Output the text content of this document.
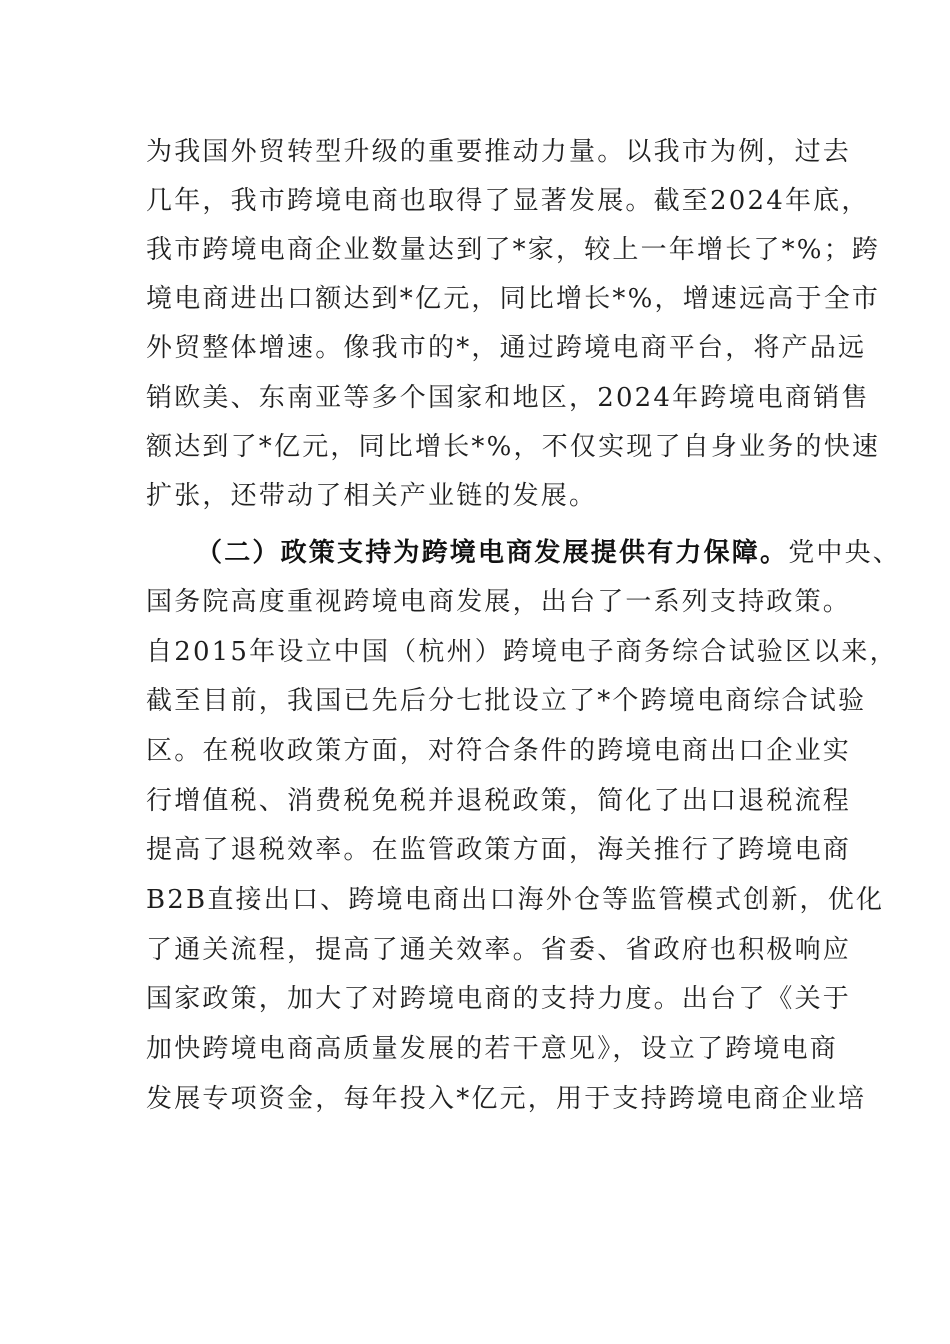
为我国外贸转型升级的重要推动力量。以我市为例，过去
几年，我市跨境电商也取得了显著发展。截至2024年底，
我市跨境电商企业数量达到了*家，较上一年增长了*%；跨
境电商进出口额达到*亿元，同比增长*%，增速远高于全市
外贸整体增速。像我市的*，通过跨境电商平台，将产品远
销欧美、东南亚等多个国家和地区，2024年跨境电商销售
额达到了*亿元，同比增长*%，不仅实现了自身业务的快速
扩张，还带动了相关产业链的发展。
（二）政策支持为跨境电商发展提供有力保障。党中央、
国务院高度重视跨境电商发展，出台了一系列支持政策。
自2015年设立中国（杭州）跨境电子商务综合试验区以来，
截至目前，我国已先后分七批设立了*个跨境电商综合试验
区。在税收政策方面，对符合条件的跨境电商出口企业实
行增值税、消费税免税并退税政策，简化了出口退税流程
提高了退税效率。在监管政策方面，海关推行了跨境电商
B2B直接出口、跨境电商出口海外仓等监管模式创新，优化
了通关流程，提高了通关效率。省委、省政府也积极响应
国家政策，加大了对跨境电商的支持力度。出台了《关于
加快跨境电商高质量发展的若干意见》，设立了跨境电商
发展专项资金，每年投入*亿元，用于支持跨境电商企业培
